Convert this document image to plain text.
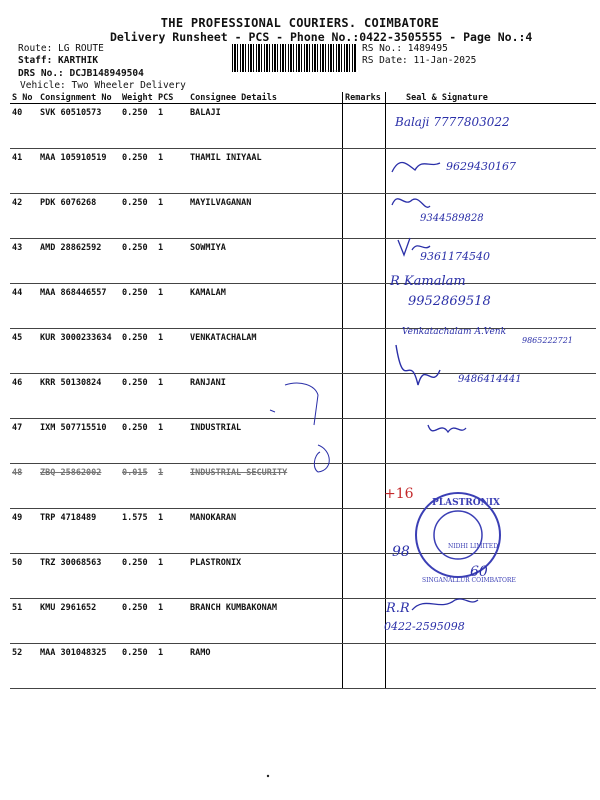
THE PROFESSIONAL COURIERS. COIMBATORE
Delivery Runsheet - PCS - Phone No.:0422-3505555 - Page No.:4
Route: LG ROUTE
Staff: KARTHIK
DRS No.: DCJB148949504
Vehicle: Two Wheeler Delivery
RS No.: 1489495
RS Date: 11-Jan-2025
S No	Consignment No	Weight	PCS	Consignee Details	Remarks	Seal & Signature
40	SVK 60510573	0.250	1	BALAJI		
41	MAA 105910519	0.250	1	THAMIL INIYAAL		
42	PDK 6076268	0.250	1	MAYILVAGANAN		
43	AMD 28862592	0.250	1	SOWMIYA		
44	MAA 868446557	0.250	1	KAMALAM		
45	KUR 3000233634	0.250	1	VENKATACHALAM		
46	KRR 50130824	0.250	1	RANJANI		
47	IXM 507715510	0.250	1	INDUSTRIAL		
48	ZBQ 25862002	0.015	1	INDUSTRIAL SECURITY		
49	TRP 4718489	1.575	1	MANOKARAN		
50	TRZ 30068563	0.250	1	PLASTRONIX		
51	KMU 2961652	0.250	1	BRANCH KUMBAKONAM		
52	MAA 301048325	0.250	1	RAMO		
Balaji 7777803022
9629430167
9344589828
9361174540
R Kamalam
9952869518
Venkatachalam A.Venk
9865222721
9486414441
+16
PLASTRONIX
NIDHI LIMITED
SINGANALLUR COIMBATORE
98
60
R.R
0422-2595098
